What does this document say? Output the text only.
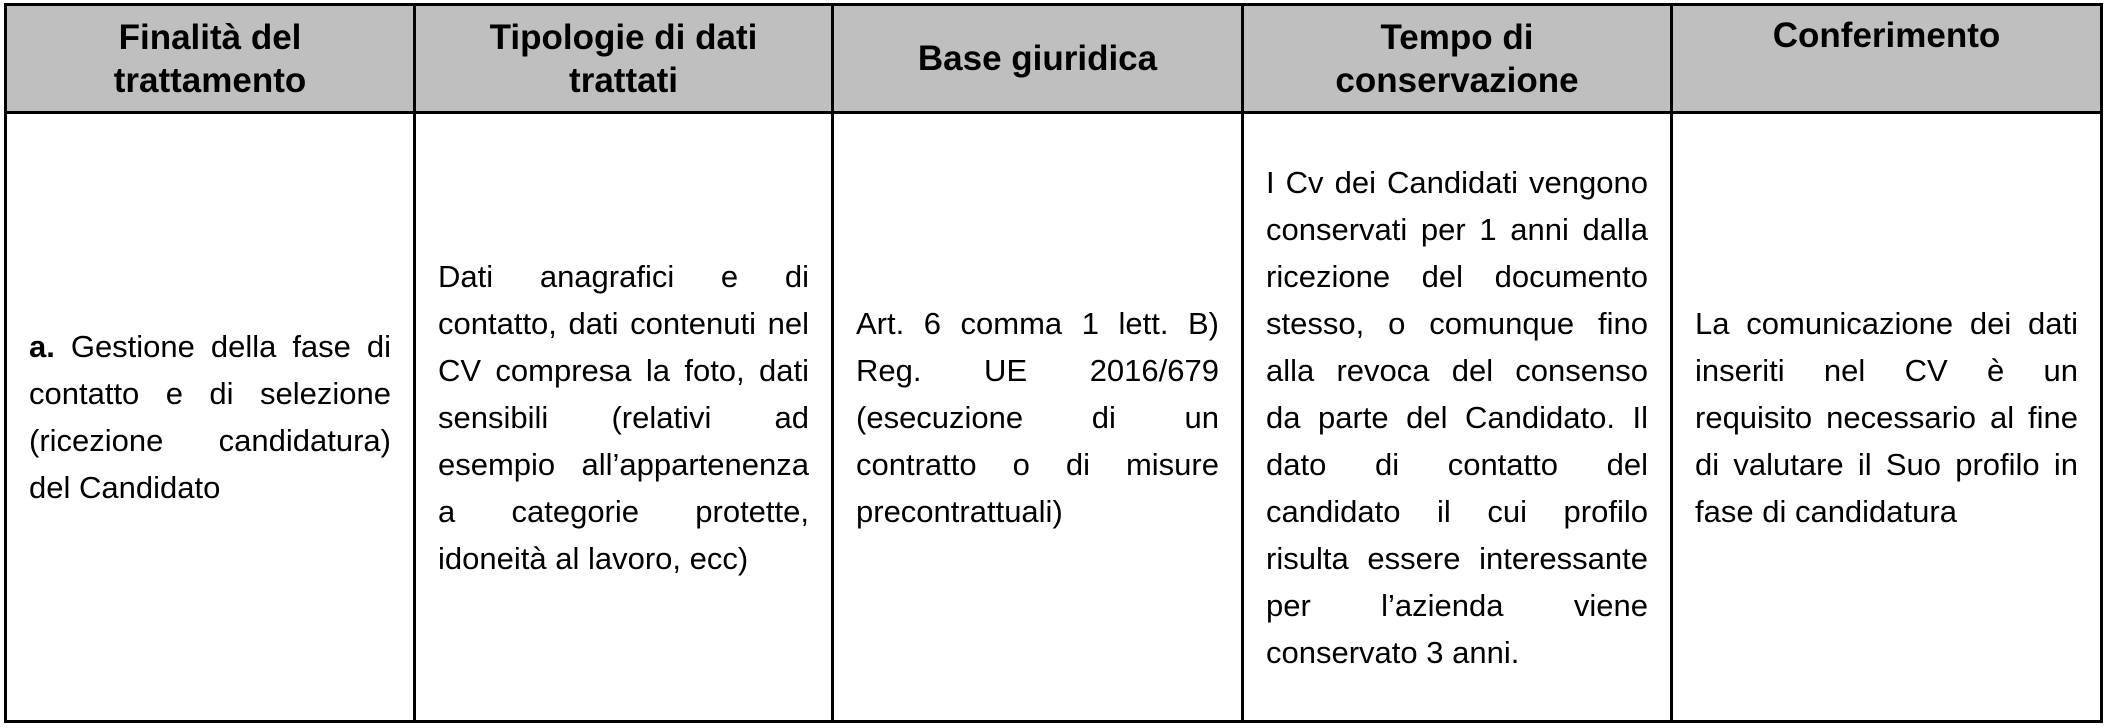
Finalità del trattamento	Tipologie di dati trattati	Base giuridica	Tempo di conservazione	Conferimento
a. Gestione della fase di contatto e di selezione (ricezione candidatura) del Candidato	Dati anagrafici e di contatto, dati contenuti nel CV compresa la foto, dati sensibili (relativi ad esempio all’appartenenza a categorie protette, idoneità al lavoro, ecc)	Art. 6 comma 1 lett. B) Reg. UE 2016/679 (esecuzione di un contratto o di misure precontrattuali)	I Cv dei Candidati vengono conservati per 1 anni dalla ricezione del documento stesso, o comunque fino alla revoca del consenso da parte del Candidato. Il dato di contatto del candidato il cui profilo risulta essere interessante per l’azienda viene conservato 3 anni.	La comunicazione dei dati inseriti nel CV è un requisito necessario al fine di valutare il Suo profilo in fase di candidatura
